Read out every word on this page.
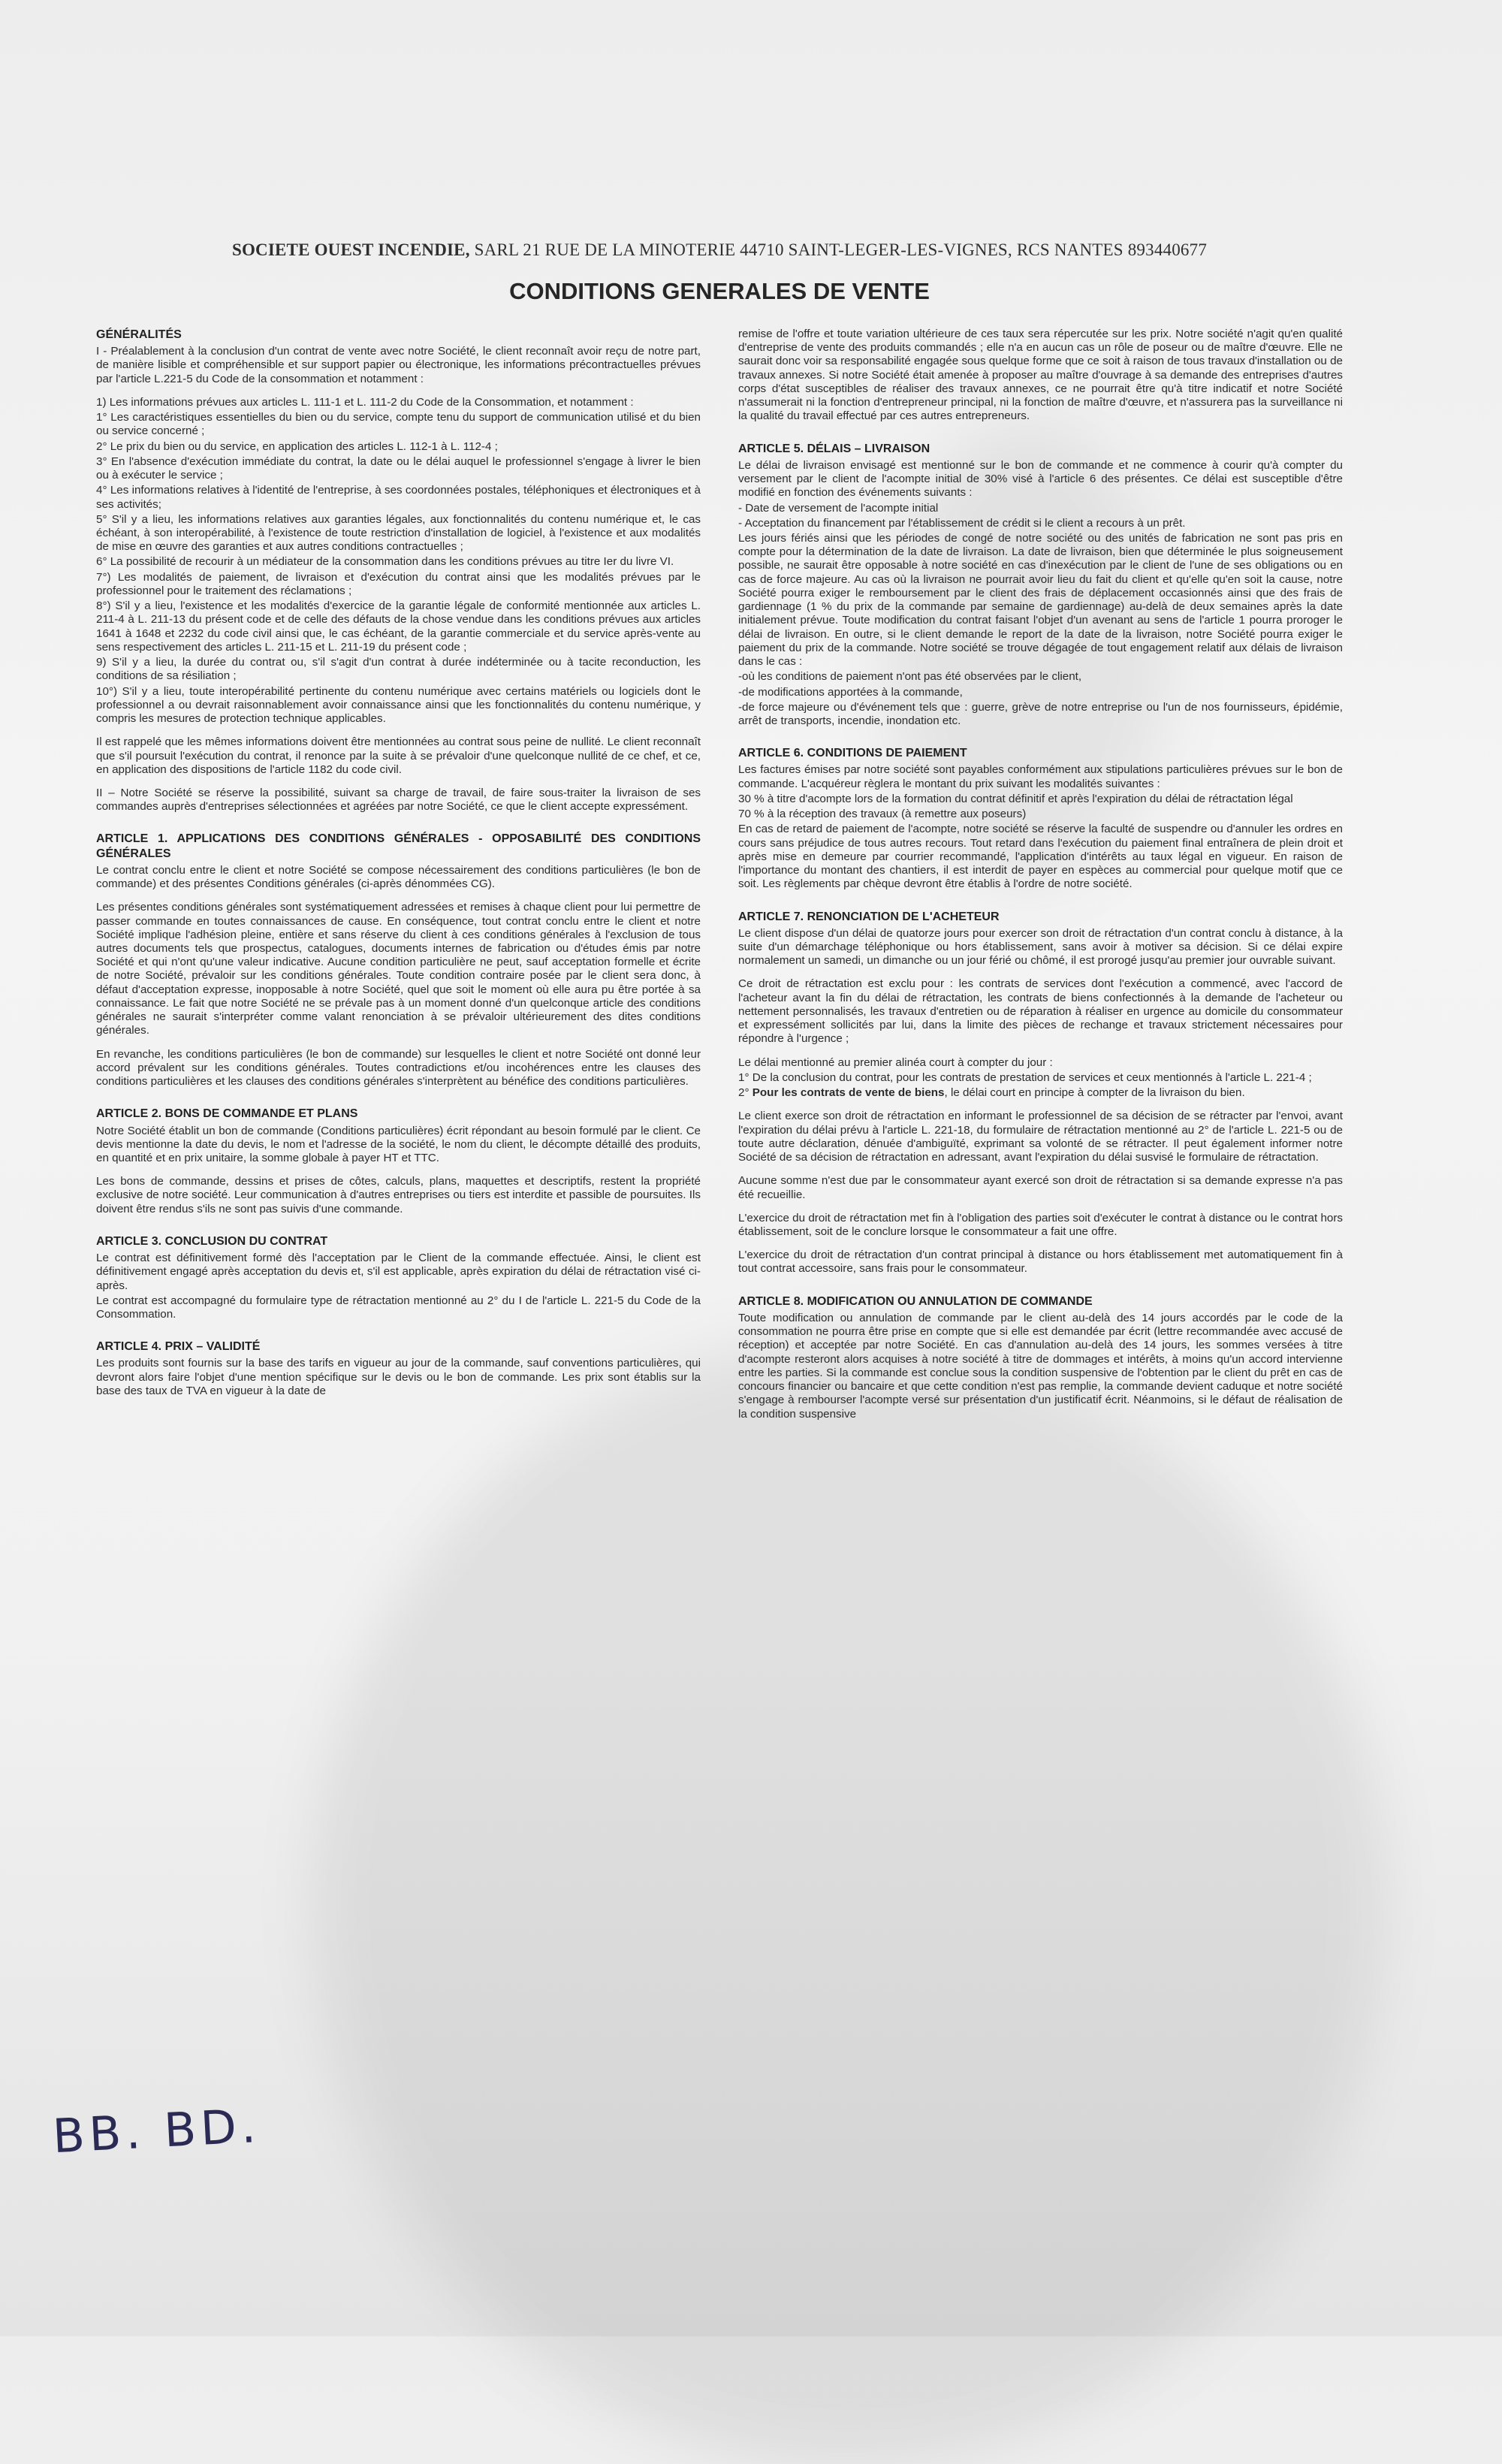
SOCIETE OUEST INCENDIE, SARL 21 RUE DE LA MINOTERIE 44710 SAINT-LEGER-LES-VIGNES, RCS NANTES 893440677
CONDITIONS GENERALES DE VENTE
GÉNÉRALITÉS

I - Préalablement à la conclusion d'un contrat de vente avec notre Société, le client reconnaît avoir reçu de notre part, de manière lisible et compréhensible et sur support papier ou électronique, les informations précontractuelles prévues par l'article L.221-5 du Code de la consommation et notamment :

1) Les informations prévues aux articles L. 111-1 et L. 111-2 du Code de la Consommation, et notamment :

1° Les caractéristiques essentielles du bien ou du service, compte tenu du support de communication utilisé et du bien ou service concerné ;

2° Le prix du bien ou du service, en application des articles L. 112-1 à L. 112-4 ;

3° En l'absence d'exécution immédiate du contrat, la date ou le délai auquel le professionnel s'engage à livrer le bien ou à exécuter le service ;

4° Les informations relatives à l'identité de l'entreprise, à ses coordonnées postales, téléphoniques et électroniques et à ses activités;

5° S'il y a lieu, les informations relatives aux garanties légales, aux fonctionnalités du contenu numérique et, le cas échéant, à son interopérabilité, à l'existence de toute restriction d'installation de logiciel, à l'existence et aux modalités de mise en œuvre des garanties et aux autres conditions contractuelles ;

6° La possibilité de recourir à un médiateur de la consommation dans les conditions prévues au titre Ier du livre VI.

7°) Les modalités de paiement, de livraison et d'exécution du contrat ainsi que les modalités prévues par le professionnel pour le traitement des réclamations ;

8°) S'il y a lieu, l'existence et les modalités d'exercice de la garantie légale de conformité mentionnée aux articles L. 211-4 à L. 211-13 du présent code et de celle des défauts de la chose vendue dans les conditions prévues aux articles 1641 à 1648 et 2232 du code civil ainsi que, le cas échéant, de la garantie commerciale et du service après-vente au sens respectivement des articles L. 211-15 et L. 211-19 du présent code ;

9) S'il y a lieu, la durée du contrat ou, s'il s'agit d'un contrat à durée indéterminée ou à tacite reconduction, les conditions de sa résiliation ;

10°) S'il y a lieu, toute interopérabilité pertinente du contenu numérique avec certains matériels ou logiciels dont le professionnel a ou devrait raisonnablement avoir connaissance ainsi que les fonctionnalités du contenu numérique, y compris les mesures de protection technique applicables.

Il est rappelé que les mêmes informations doivent être mentionnées au contrat sous peine de nullité. Le client reconnaît que s'il poursuit l'exécution du contrat, il renonce par la suite à se prévaloir d'une quelconque nullité de ce chef, et ce, en application des dispositions de l'article 1182 du code civil.

II – Notre Société se réserve la possibilité, suivant sa charge de travail, de faire sous-traiter la livraison de ses commandes auprès d'entreprises sélectionnées et agréées par notre Société, ce que le client accepte expressément.

ARTICLE 1. APPLICATIONS DES CONDITIONS GÉNÉRALES - OPPOSABILITÉ DES CONDITIONS GÉNÉRALES

Le contrat conclu entre le client et notre Société se compose nécessairement des conditions particulières (le bon de commande) et des présentes Conditions générales (ci-après dénommées CG).

Les présentes conditions générales sont systématiquement adressées et remises à chaque client pour lui permettre de passer commande en toutes connaissances de cause. En conséquence, tout contrat conclu entre le client et notre Société implique l'adhésion pleine, entière et sans réserve du client à ces conditions générales à l'exclusion de tous autres documents tels que prospectus, catalogues, documents internes de fabrication ou d'études émis par notre Société et qui n'ont qu'une valeur indicative. Aucune condition particulière ne peut, sauf acceptation formelle et écrite de notre Société, prévaloir sur les conditions générales. Toute condition contraire posée par le client sera donc, à défaut d'acceptation expresse, inopposable à notre Société, quel que soit le moment où elle aura pu être portée à sa connaissance. Le fait que notre Société ne se prévale pas à un moment donné d'un quelconque article des conditions générales ne saurait s'interpréter comme valant renonciation à se prévaloir ultérieurement des dites conditions générales.

En revanche, les conditions particulières (le bon de commande) sur lesquelles le client et notre Société ont donné leur accord prévalent sur les conditions générales. Toutes contradictions et/ou incohérences entre les clauses des conditions particulières et les clauses des conditions générales s'interprètent au bénéfice des conditions particulières.

ARTICLE 2. BONS DE COMMANDE ET PLANS

Notre Société établit un bon de commande (Conditions particulières) écrit répondant au besoin formulé par le client. Ce devis mentionne la date du devis, le nom et l'adresse de la société, le nom du client, le décompte détaillé des produits, en quantité et en prix unitaire, la somme globale à payer HT et TTC.

Les bons de commande, dessins et prises de côtes, calculs, plans, maquettes et descriptifs, restent la propriété exclusive de notre société. Leur communication à d'autres entreprises ou tiers est interdite et passible de poursuites. Ils doivent être rendus s'ils ne sont pas suivis d'une commande.

ARTICLE 3. CONCLUSION DU CONTRAT

Le contrat est définitivement formé dès l'acceptation par le Client de la commande effectuée. Ainsi, le client est définitivement engagé après acceptation du devis et, s'il est applicable, après expiration du délai de rétractation visé ci-après.

Le contrat est accompagné du formulaire type de rétractation mentionné au 2° du I de l'article L. 221-5 du Code de la Consommation.

ARTICLE 4. PRIX – VALIDITÉ

Les produits sont fournis sur la base des tarifs en vigueur au jour de la commande, sauf conventions particulières, qui devront alors faire l'objet d'une mention spécifique sur le devis ou le bon de commande. Les prix sont établis sur la base des taux de TVA en vigueur à la date de

remise de l'offre et toute variation ultérieure de ces taux sera répercutée sur les prix. Notre société n'agit qu'en qualité d'entreprise de vente des produits commandés ; elle n'a en aucun cas un rôle de poseur ou de maître d'œuvre. Elle ne saurait donc voir sa responsabilité engagée sous quelque forme que ce soit à raison de tous travaux d'installation ou de travaux annexes. Si notre Société était amenée à proposer au maître d'ouvrage à sa demande des entreprises d'autres corps d'état susceptibles de réaliser des travaux annexes, ce ne pourrait être qu'à titre indicatif et notre Société n'assumerait ni la fonction d'entrepreneur principal, ni la fonction de maître d'œuvre, et n'assurera pas la surveillance ni la qualité du travail effectué par ces autres entrepreneurs.

ARTICLE 5. DÉLAIS – LIVRAISON

Le délai de livraison envisagé est mentionné sur le bon de commande et ne commence à courir qu'à compter du versement par le client de l'acompte initial de 30% visé à l'article 6 des présentes. Ce délai est susceptible d'être modifié en fonction des événements suivants :

- Date de versement de l'acompte initial

- Acceptation du financement par l'établissement de crédit si le client a recours à un prêt.

Les jours fériés ainsi que les périodes de congé de notre société ou des unités de fabrication ne sont pas pris en compte pour la détermination de la date de livraison. La date de livraison, bien que déterminée le plus soigneusement possible, ne saurait être opposable à notre société en cas d'inexécution par le client de l'une de ses obligations ou en cas de force majeure. Au cas où la livraison ne pourrait avoir lieu du fait du client et qu'elle qu'en soit la cause, notre Société pourra exiger le remboursement par le client des frais de déplacement occasionnés ainsi que des frais de gardiennage (1 % du prix de la commande par semaine de gardiennage) au-delà de deux semaines après la date initialement prévue. Toute modification du contrat faisant l'objet d'un avenant au sens de l'article 1 pourra proroger le délai de livraison. En outre, si le client demande le report de la date de la livraison, notre Société pourra exiger le paiement du prix de la commande. Notre société se trouve dégagée de tout engagement relatif aux délais de livraison dans le cas :

-où les conditions de paiement n'ont pas été observées par le client,

-de modifications apportées à la commande,

-de force majeure ou d'événement tels que : guerre, grève de notre entreprise ou l'un de nos fournisseurs, épidémie, arrêt de transports, incendie, inondation etc.

ARTICLE 6. CONDITIONS DE PAIEMENT

Les factures émises par notre société sont payables conformément aux stipulations particulières prévues sur le bon de commande. L'acquéreur règlera le montant du prix suivant les modalités suivantes :

30 % à titre d'acompte lors de la formation du contrat définitif et après l'expiration du délai de rétractation légal

70 % à la réception des travaux (à remettre aux poseurs)

En cas de retard de paiement de l'acompte, notre société se réserve la faculté de suspendre ou d'annuler les ordres en cours sans préjudice de tous autres recours. Tout retard dans l'exécution du paiement final entraînera de plein droit et après mise en demeure par courrier recommandé, l'application d'intérêts au taux légal en vigueur. En raison de l'importance du montant des chantiers, il est interdit de payer en espèces au commercial pour quelque motif que ce soit. Les règlements par chèque devront être établis à l'ordre de notre société.

ARTICLE 7. RENONCIATION DE L'ACHETEUR

Le client dispose d'un délai de quatorze jours pour exercer son droit de rétractation d'un contrat conclu à distance, à la suite d'un démarchage téléphonique ou hors établissement, sans avoir à motiver sa décision. Si ce délai expire normalement un samedi, un dimanche ou un jour férié ou chômé, il est prorogé jusqu'au premier jour ouvrable suivant.

Ce droit de rétractation est exclu pour : les contrats de services dont l'exécution a commencé, avec l'accord de l'acheteur avant la fin du délai de rétractation, les contrats de biens confectionnés à la demande de l'acheteur ou nettement personnalisés, les travaux d'entretien ou de réparation à réaliser en urgence au domicile du consommateur et expressément sollicités par lui, dans la limite des pièces de rechange et travaux strictement nécessaires pour répondre à l'urgence ;

Le délai mentionné au premier alinéa court à compter du jour :

1° De la conclusion du contrat, pour les contrats de prestation de services et ceux mentionnés à l'article L. 221-4 ;

2° Pour les contrats de vente de biens, le délai court en principe à compter de la livraison du bien.

Le client exerce son droit de rétractation en informant le professionnel de sa décision de se rétracter par l'envoi, avant l'expiration du délai prévu à l'article L. 221-18, du formulaire de rétractation mentionné au 2° de l'article L. 221-5 ou de toute autre déclaration, dénuée d'ambiguïté, exprimant sa volonté de se rétracter. Il peut également informer notre Société de sa décision de rétractation en adressant, avant l'expiration du délai susvisé le formulaire de rétractation.

Aucune somme n'est due par le consommateur ayant exercé son droit de rétractation si sa demande expresse n'a pas été recueillie.

L'exercice du droit de rétractation met fin à l'obligation des parties soit d'exécuter le contrat à distance ou le contrat hors établissement, soit de le conclure lorsque le consommateur a fait une offre.

L'exercice du droit de rétractation d'un contrat principal à distance ou hors établissement met automatiquement fin à tout contrat accessoire, sans frais pour le consommateur.

ARTICLE 8. MODIFICATION OU ANNULATION DE COMMANDE

Toute modification ou annulation de commande par le client au-delà des 14 jours accordés par le code de la consommation ne pourra être prise en compte que si elle est demandée par écrit (lettre recommandée avec accusé de réception) et acceptée par notre Société. En cas d'annulation au-delà des 14 jours, les sommes versées à titre d'acompte resteront alors acquises à notre société à titre de dommages et intérêts, à moins qu'un accord intervienne entre les parties. Si la commande est conclue sous la condition suspensive de l'obtention par le client du prêt en cas de concours financier ou bancaire et que cette condition n'est pas remplie, la commande devient caduque et notre société s'engage à rembourser l'acompte versé sur présentation d'un justificatif écrit. Néanmoins, si le défaut de réalisation de la condition suspensive

BB. BD.
